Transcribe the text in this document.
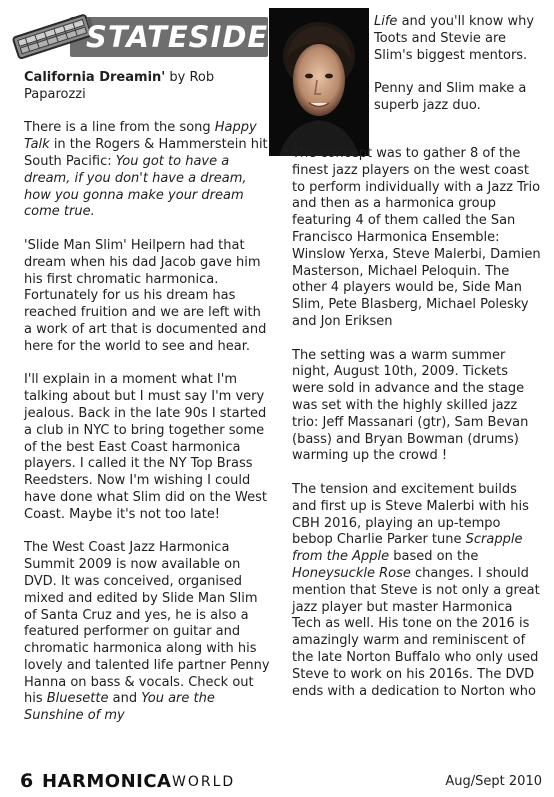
STATESIDE
California Dreamin' by Rob Paparozzi

There is a line from the song Happy Talk in the Rogers & Hammerstein hit South Pacific: You got to have a dream, if you don't have a dream, how you gonna make your dream come true.

'Slide Man Slim' Heilpern had that dream when his dad Jacob gave him his first chromatic harmonica. Fortunately for us his dream has reached fruition and we are left with a work of art that is documented and here for the world to see and hear.

I'll explain in a moment what I'm talking about but I must say I'm very jealous. Back in the late 90s I started a club in NYC to bring together some of the best East Coast harmonica players. I called it the NY Top Brass Reedsters. Now I'm wishing I could have done what Slim did on the West Coast. Maybe it's not too late!

The West Coast Jazz Harmonica Summit 2009 is now available on DVD. It was conceived, organised mixed and edited by Slide Man Slim of Santa Cruz and yes, he is also a featured performer on guitar and chromatic harmonica along with his lovely and talented life partner Penny Hanna on bass & vocals. Check out his Bluesette and You are the Sunshine of my

Life and you'll know why Toots and Stevie are Slim's biggest mentors.

Penny and Slim make a superb jazz duo.

The concept was to gather 8 of the finest jazz players on the west coast to perform individually with a Jazz Trio and then as a harmonica group featuring 4 of them called the San Francisco Harmonica Ensemble: Winslow Yerxa, Steve Malerbi, Damien Masterson, Michael Peloquin. The other 4 players would be, Side Man Slim, Pete Blasberg, Michael Polesky and Jon Eriksen

The setting was a warm summer night, August 10th, 2009. Tickets were sold in advance and the stage was set with the highly skilled jazz trio: Jeff Massanari (gtr), Sam Bevan (bass) and Bryan Bowman (drums) warming up the crowd !

The tension and excitement builds and first up is Steve Malerbi with his CBH 2016, playing an up-tempo bebop Charlie Parker tune Scrapple from the Apple based on the Honeysuckle Rose changes. I should mention that Steve is not only a great jazz player but master Harmonica Tech as well. His tone on the 2016 is amazingly warm and reminiscent of the late Norton Buffalo who only used Steve to work on his 2016s. The DVD ends with a dedication to Norton who

6 HARMONICA WORLD	Aug/Sept 2010
